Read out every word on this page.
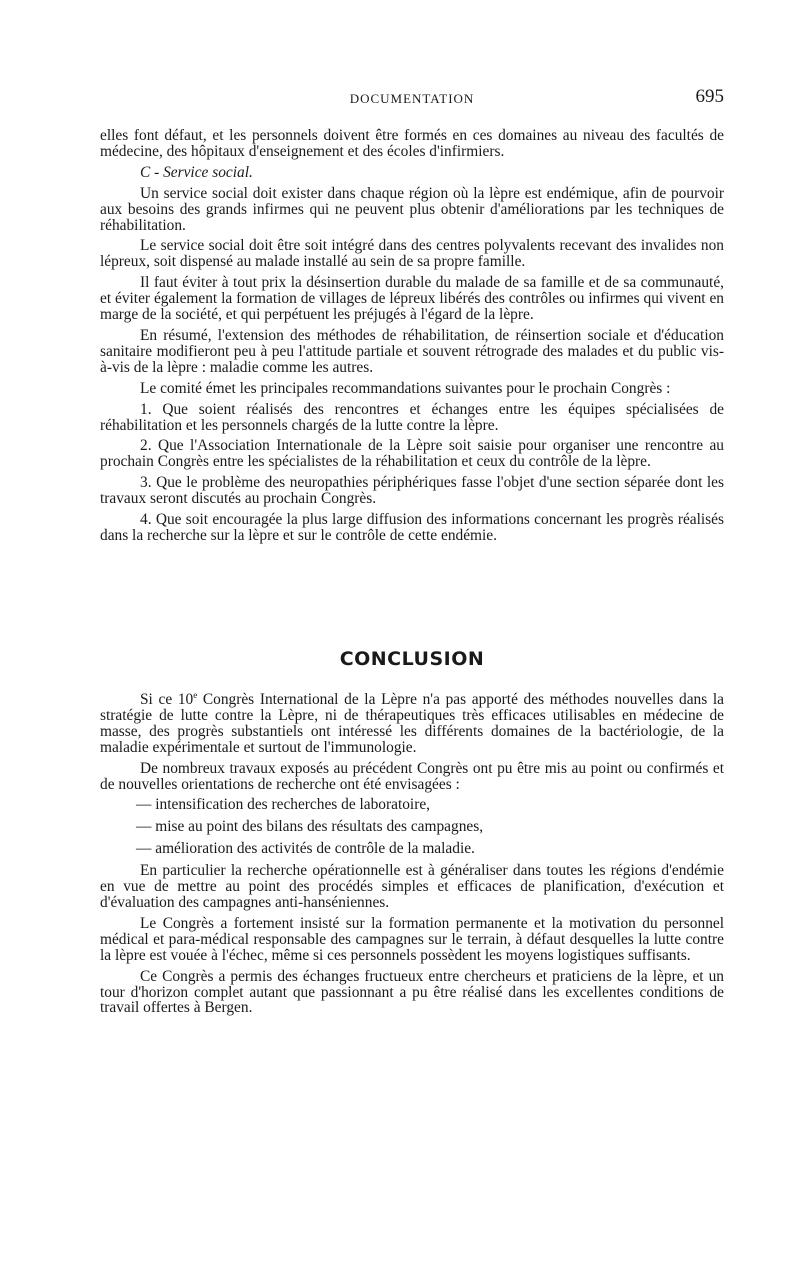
DOCUMENTATION	695

elles font défaut, et les personnels doivent être formés en ces domaines au niveau des facultés de médecine, des hôpitaux d'enseignement et des écoles d'infirmiers.

C - Service social.

Un service social doit exister dans chaque région où la lèpre est endémique, afin de pourvoir aux besoins des grands infirmes qui ne peuvent plus obtenir d'améliorations par les techniques de réhabilitation.

Le service social doit être soit intégré dans des centres polyvalents recevant des invalides non lépreux, soit dispensé au malade installé au sein de sa propre famille.

Il faut éviter à tout prix la désinsertion durable du malade de sa famille et de sa communauté, et éviter également la formation de villages de lépreux libérés des contrôles ou infirmes qui vivent en marge de la société, et qui perpétuent les préjugés à l'égard de la lèpre.

En résumé, l'extension des méthodes de réhabilitation, de réinsertion sociale et d'éducation sanitaire modifieront peu à peu l'attitude partiale et souvent rétrograde des malades et du public vis-à-vis de la lèpre : maladie comme les autres.

Le comité émet les principales recommandations suivantes pour le prochain Congrès :

1. Que soient réalisés des rencontres et échanges entre les équipes spécialisées de réhabilitation et les personnels chargés de la lutte contre la lèpre.

2. Que l'Association Internationale de la Lèpre soit saisie pour organiser une rencontre au prochain Congrès entre les spécialistes de la réhabilitation et ceux du contrôle de la lèpre.

3. Que le problème des neuropathies périphériques fasse l'objet d'une section séparée dont les travaux seront discutés au prochain Congrès.

4. Que soit encouragée la plus large diffusion des informations concernant les progrès réalisés dans la recherche sur la lèpre et sur le contrôle de cette endémie.

CONCLUSION

Si ce 10e Congrès International de la Lèpre n'a pas apporté des méthodes nouvelles dans la stratégie de lutte contre la Lèpre, ni de thérapeutiques très efficaces utilisables en médecine de masse, des progrès substantiels ont intéressé les différents domaines de la bactériologie, de la maladie expérimentale et surtout de l'immunologie.

De nombreux travaux exposés au précédent Congrès ont pu être mis au point ou confirmés et de nouvelles orientations de recherche ont été envisagées :

— intensification des recherches de laboratoire,

— mise au point des bilans des résultats des campagnes,

— amélioration des activités de contrôle de la maladie.

En particulier la recherche opérationnelle est à généraliser dans toutes les régions d'endémie en vue de mettre au point des procédés simples et efficaces de planification, d'exécution et d'évaluation des campagnes anti-hanséniennes.

Le Congrès a fortement insisté sur la formation permanente et la motivation du personnel médical et para-médical responsable des campagnes sur le terrain, à défaut desquelles la lutte contre la lèpre est vouée à l'échec, même si ces personnels possèdent les moyens logistiques suffisants.

Ce Congrès a permis des échanges fructueux entre chercheurs et praticiens de la lèpre, et un tour d'horizon complet autant que passionnant a pu être réalisé dans les excellentes conditions de travail offertes à Bergen.
